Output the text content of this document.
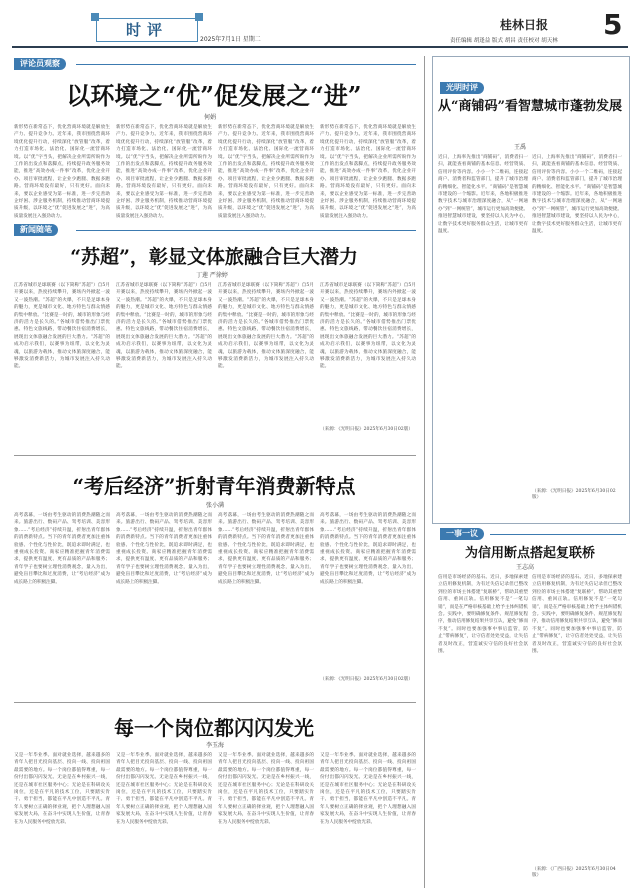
时评
2025年7月1日 星期二
桂林日报
责任编辑 胡逢益 版式 胡昌 责任校对 胡天林 5
评论员观察
以环境之“优”促发展之“进”
何娟
新形势在新常态下，优化营商环境就是解放生产力、提升竞争力。近年来，我市围绕营商环境优化提升行动，持续深化“放管服”改革，着力打造市场化、法治化、国际化一流营商环境。以“优”字当头，把解决企业所需所盼作为工作的出发点和落脚点，持续提升政务服务效能，推进“高效办成一件事”改革，优化企业开办、项目审批流程，让企业少跑腿、数据多跑路。营商环境没有最好，只有更好。面向未来，要以企业感受为第一标准，进一步完善助企纾困、涉企服务机制，持续推动营商环境提质升级，以环境之“优”促进发展之“进”，为高质量发展注入强劲动力。
新形势在新常态下，优化营商环境就是解放生产力、提升竞争力。近年来，我市围绕营商环境优化提升行动，持续深化“放管服”改革，着力打造市场化、法治化、国际化一流营商环境。以“优”字当头，把解决企业所需所盼作为工作的出发点和落脚点，持续提升政务服务效能，推进“高效办成一件事”改革，优化企业开办、项目审批流程，让企业少跑腿、数据多跑路。营商环境没有最好，只有更好。面向未来，要以企业感受为第一标准，进一步完善助企纾困、涉企服务机制，持续推动营商环境提质升级，以环境之“优”促进发展之“进”，为高质量发展注入强劲动力。
新形势在新常态下，优化营商环境就是解放生产力、提升竞争力。近年来，我市围绕营商环境优化提升行动，持续深化“放管服”改革，着力打造市场化、法治化、国际化一流营商环境。以“优”字当头，把解决企业所需所盼作为工作的出发点和落脚点，持续提升政务服务效能，推进“高效办成一件事”改革，优化企业开办、项目审批流程，让企业少跑腿、数据多跑路。营商环境没有最好，只有更好。面向未来，要以企业感受为第一标准，进一步完善助企纾困、涉企服务机制，持续推动营商环境提质升级，以环境之“优”促进发展之“进”，为高质量发展注入强劲动力。
新形势在新常态下，优化营商环境就是解放生产力、提升竞争力。近年来，我市围绕营商环境优化提升行动，持续深化“放管服”改革，着力打造市场化、法治化、国际化一流营商环境。以“优”字当头，把解决企业所需所盼作为工作的出发点和落脚点，持续提升政务服务效能，推进“高效办成一件事”改革，优化企业开办、项目审批流程，让企业少跑腿、数据多跑路。营商环境没有最好，只有更好。面向未来，要以企业感受为第一标准，进一步完善助企纾困、涉企服务机制，持续推动营商环境提质升级，以环境之“优”促进发展之“进”，为高质量发展注入强劲动力。
新闻随笔
“苏超”，彰显文体旅融合巨大潜力
丁莲 严徐婷
江苏省城市足球联赛（以下简称“苏超”）自5月开赛以来，热度持续攀升，赛场内外掀起一波又一波热潮。“苏超”的火爆，不只是足球本身的魅力，更是城市文化、地方特色与群众情感的集中释放。“比赛是一时的，城市的形象与经济的活力是长久的。”各城市借势推出门票优惠、特色文旅线路，带动餐饮住宿消费增长，展现出文体旅融合发展的巨大潜力。“苏超”的成功启示我们，以赛事为纽带，以文化为灵魂，以旅游为载体，推动文体旅深度融合，能够激发消费新活力，为城市发展注入持久动能。
江苏省城市足球联赛（以下简称“苏超”）自5月开赛以来，热度持续攀升，赛场内外掀起一波又一波热潮。“苏超”的火爆，不只是足球本身的魅力，更是城市文化、地方特色与群众情感的集中释放。“比赛是一时的，城市的形象与经济的活力是长久的。”各城市借势推出门票优惠、特色文旅线路，带动餐饮住宿消费增长，展现出文体旅融合发展的巨大潜力。“苏超”的成功启示我们，以赛事为纽带，以文化为灵魂，以旅游为载体，推动文体旅深度融合，能够激发消费新活力，为城市发展注入持久动能。
江苏省城市足球联赛（以下简称“苏超”）自5月开赛以来，热度持续攀升，赛场内外掀起一波又一波热潮。“苏超”的火爆，不只是足球本身的魅力，更是城市文化、地方特色与群众情感的集中释放。“比赛是一时的，城市的形象与经济的活力是长久的。”各城市借势推出门票优惠、特色文旅线路，带动餐饮住宿消费增长，展现出文体旅融合发展的巨大潜力。“苏超”的成功启示我们，以赛事为纽带，以文化为灵魂，以旅游为载体，推动文体旅深度融合，能够激发消费新活力，为城市发展注入持久动能。
江苏省城市足球联赛（以下简称“苏超”）自5月开赛以来，热度持续攀升，赛场内外掀起一波又一波热潮。“苏超”的火爆，不只是足球本身的魅力，更是城市文化、地方特色与群众情感的集中释放。“比赛是一时的，城市的形象与经济的活力是长久的。”各城市借势推出门票优惠、特色文旅线路，带动餐饮住宿消费增长，展现出文体旅融合发展的巨大潜力。“苏超”的成功启示我们，以赛事为纽带，以文化为灵魂，以旅游为载体，推动文体旅深度融合，能够激发消费新活力，为城市发展注入持久动能。
（来源：《光明日报》2025年6月30日02版）
“考后经济”折射青年消费新特点
张小满
高考落幕，一场由考生驱动的消费热潮随之而来。旅游出行、数码产品、驾考培训、美容形象……“考后经济”持续升温，折射出青年群体的消费新特点。当下的青年消费者更加注重体验感、个性化与性价比，既追求即时满足，也重视成长投资。商家应精准把握青年消费需求，提供更有温度、更有品质的产品和服务；青年学子也要树立理性消费观念，量入为出，避免盲目攀比和过度消费，让“考后经济”成为成长路上的积极注脚。
高考落幕，一场由考生驱动的消费热潮随之而来。旅游出行、数码产品、驾考培训、美容形象……“考后经济”持续升温，折射出青年群体的消费新特点。当下的青年消费者更加注重体验感、个性化与性价比，既追求即时满足，也重视成长投资。商家应精准把握青年消费需求，提供更有温度、更有品质的产品和服务；青年学子也要树立理性消费观念，量入为出，避免盲目攀比和过度消费，让“考后经济”成为成长路上的积极注脚。
高考落幕，一场由考生驱动的消费热潮随之而来。旅游出行、数码产品、驾考培训、美容形象……“考后经济”持续升温，折射出青年群体的消费新特点。当下的青年消费者更加注重体验感、个性化与性价比，既追求即时满足，也重视成长投资。商家应精准把握青年消费需求，提供更有温度、更有品质的产品和服务；青年学子也要树立理性消费观念，量入为出，避免盲目攀比和过度消费，让“考后经济”成为成长路上的积极注脚。
高考落幕，一场由考生驱动的消费热潮随之而来。旅游出行、数码产品、驾考培训、美容形象……“考后经济”持续升温，折射出青年群体的消费新特点。当下的青年消费者更加注重体验感、个性化与性价比，既追求即时满足，也重视成长投资。商家应精准把握青年消费需求，提供更有温度、更有品质的产品和服务；青年学子也要树立理性消费观念，量入为出，避免盲目攀比和过度消费，让“考后经济”成为成长路上的积极注脚。
（来源：《光明日报》2025年6月30日02版）
每一个岗位都闪闪发光
李玉海
又是一年毕业季。面对就业选择，越来越多的青年人把目光投向基层、投向一线、投向祖国最需要的地方。每一个岗位都值得尊重，每一份付出都闪闪发光。无论是在乡村振兴一线，还是在城市社区服务中心；无论是在科研攻关岗位，还是在平凡的技术工位，只要踏实肯干、勇于担当，都能在平凡中创造不平凡。青年人要树立正确的择业观，把个人理想融入国家发展大局，在奋斗中实现人生价值，让青春在为人民服务中绽放光彩。
又是一年毕业季。面对就业选择，越来越多的青年人把目光投向基层、投向一线、投向祖国最需要的地方。每一个岗位都值得尊重，每一份付出都闪闪发光。无论是在乡村振兴一线，还是在城市社区服务中心；无论是在科研攻关岗位，还是在平凡的技术工位，只要踏实肯干、勇于担当，都能在平凡中创造不平凡。青年人要树立正确的择业观，把个人理想融入国家发展大局，在奋斗中实现人生价值，让青春在为人民服务中绽放光彩。
又是一年毕业季。面对就业选择，越来越多的青年人把目光投向基层、投向一线、投向祖国最需要的地方。每一个岗位都值得尊重，每一份付出都闪闪发光。无论是在乡村振兴一线，还是在城市社区服务中心；无论是在科研攻关岗位，还是在平凡的技术工位，只要踏实肯干、勇于担当，都能在平凡中创造不平凡。青年人要树立正确的择业观，把个人理想融入国家发展大局，在奋斗中实现人生价值，让青春在为人民服务中绽放光彩。
又是一年毕业季。面对就业选择，越来越多的青年人把目光投向基层、投向一线、投向祖国最需要的地方。每一个岗位都值得尊重，每一份付出都闪闪发光。无论是在乡村振兴一线，还是在城市社区服务中心；无论是在科研攻关岗位，还是在平凡的技术工位，只要踏实肯干、勇于担当，都能在平凡中创造不平凡。青年人要树立正确的择业观，把个人理想融入国家发展大局，在奋斗中实现人生价值，让青春在为人民服务中绽放光彩。
光明时评
从“商铺码”看智慧城市蓬勃发展
王禹
近日，上海率先推出“商铺码”，消费者扫一扫，就能查看商铺的基本信息、经营资质、信用评价等内容。小小一个二维码，连接起商户、消费者和监管部门，提升了城市治理的精细化、智能化水平。“商铺码”是智慧城市建设的一个缩影。近年来，各地积极推进数字技术与城市治理深度融合，从“一网通办”到“一网统管”，城市运行更加高效便捷。推进智慧城市建设，要坚持以人民为中心，让数字技术更好服务群众生活，让城市更有温度。
近日，上海率先推出“商铺码”，消费者扫一扫，就能查看商铺的基本信息、经营资质、信用评价等内容。小小一个二维码，连接起商户、消费者和监管部门，提升了城市治理的精细化、智能化水平。“商铺码”是智慧城市建设的一个缩影。近年来，各地积极推进数字技术与城市治理深度融合，从“一网通办”到“一网统管”，城市运行更加高效便捷。推进智慧城市建设，要坚持以人民为中心，让数字技术更好服务群众生活，让城市更有温度。
（来源：《光明日报》2025年6月30日02版）
一事一议
为信用断点搭起复联桥
王志高
信用是市场经济的基石。近日，多地探索建立信用修复机制，为有过失信记录但已整改到位的市场主体搭建“复联桥”，帮助其重塑信用、重回正轨。信用修复不是“一笔勾销”，而是在严格审核基础上给予主体纠错机会。实践中，要明确修复条件、规范修复程序，推动信用修复结果共享互认，避免“修而不复”。同时也要加强事中事后监管，防止“带病修复”，让守信者处处受益，让失信者及时改正，营造诚实守信的良好社会氛围。
信用是市场经济的基石。近日，多地探索建立信用修复机制，为有过失信记录但已整改到位的市场主体搭建“复联桥”，帮助其重塑信用、重回正轨。信用修复不是“一笔勾销”，而是在严格审核基础上给予主体纠错机会。实践中，要明确修复条件、规范修复程序，推动信用修复结果共享互认，避免“修而不复”。同时也要加强事中事后监管，防止“带病修复”，让守信者处处受益，让失信者及时改正，营造诚实守信的良好社会氛围。
（来源：《广西日报》2025年6月30日04版）
